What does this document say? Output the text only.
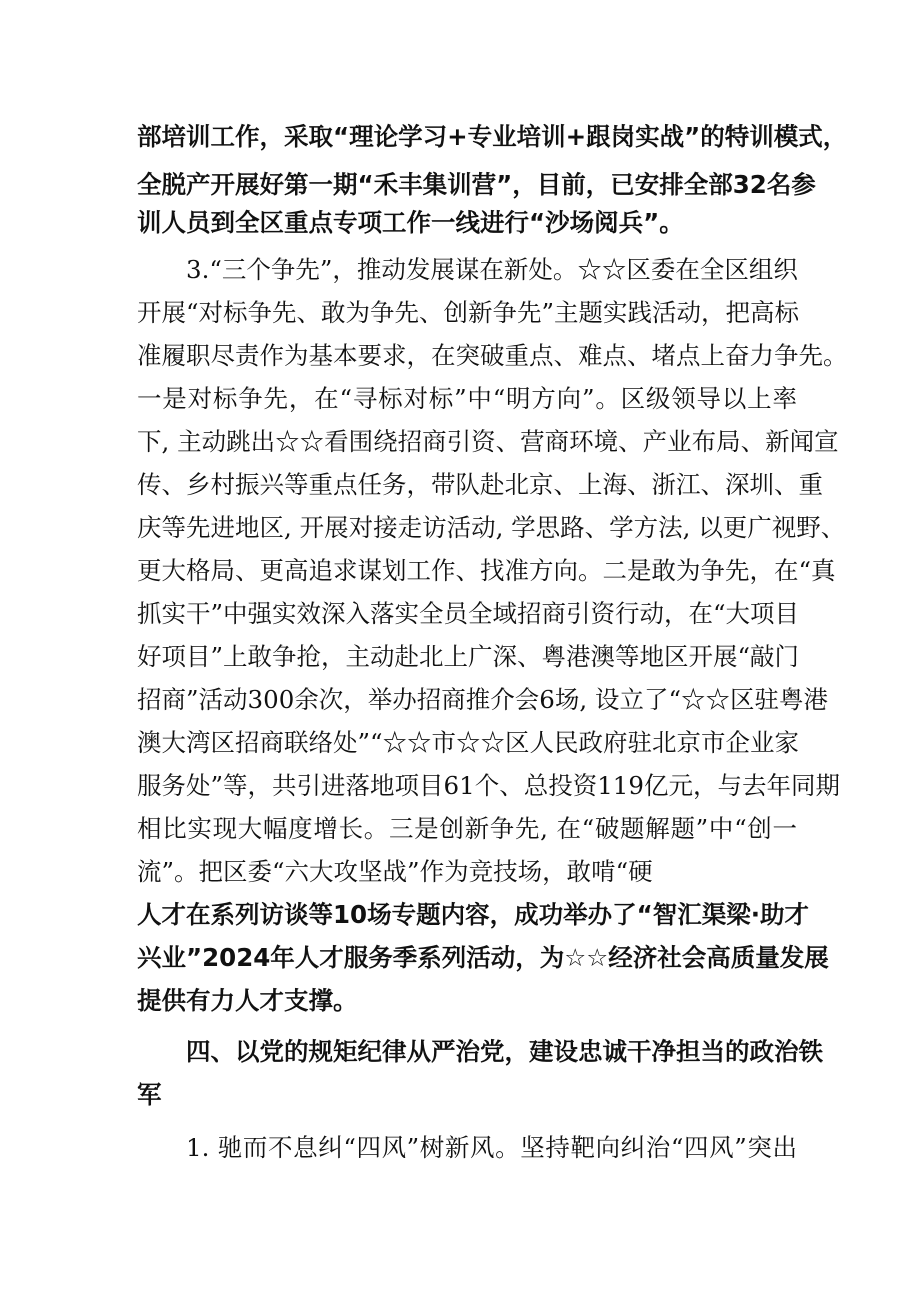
部培训工作，采取“理论学习+专业培训+跟岗实战”的特训模式，
全脱产开展好第一期“禾丰集训营”，目前，已安排全部32名参
训人员到全区重点专项工作一线进行“沙场阅兵”。
3.“三个争先”，推动发展谋在新处。☆☆区委在全区组织
开展“对标争先、敢为争先、创新争先”主题实践活动，把高标
准履职尽责作为基本要求，在突破重点、难点、堵点上奋力争先。
一是对标争先，在“寻标对标”中“明方向”。区级领导以上率
下, 主动跳出☆☆看围绕招商引资、营商环境、产业布局、新闻宣
传、乡村振兴等重点任务，带队赴北京、上海、浙江、深圳、重
庆等先进地区, 开展对接走访活动, 学思路、学方法, 以更广视野、
更大格局、更高追求谋划工作、找准方向。二是敢为争先，在“真
抓实干”中强实效深入落实全员全域招商引资行动，在“大项目
好项目”上敢争抢，主动赴北上广深、粤港澳等地区开展“敲门
招商”活动300余次，举办招商推介会6场, 设立了“☆☆区驻粤港
澳大湾区招商联络处”“☆☆市☆☆区人民政府驻北京市企业家
服务处”等，共引进落地项目61个、总投资119亿元，与去年同期
相比实现大幅度增长。三是创新争先, 在“破题解题”中“创一
流”。把区委“六大攻坚战”作为竞技场，敢啃“硬
人才在系列访谈等10场专题内容，成功举办了“智汇渠梁·助才
兴业”2024年人才服务季系列活动，为☆☆经济社会高质量发展
提供有力人才支撑。
四、以党的规矩纪律从严治党，建设忠诚干净担当的政治铁
军
1. 驰而不息纠“四风”树新风。坚持靶向纠治“四风”突出
